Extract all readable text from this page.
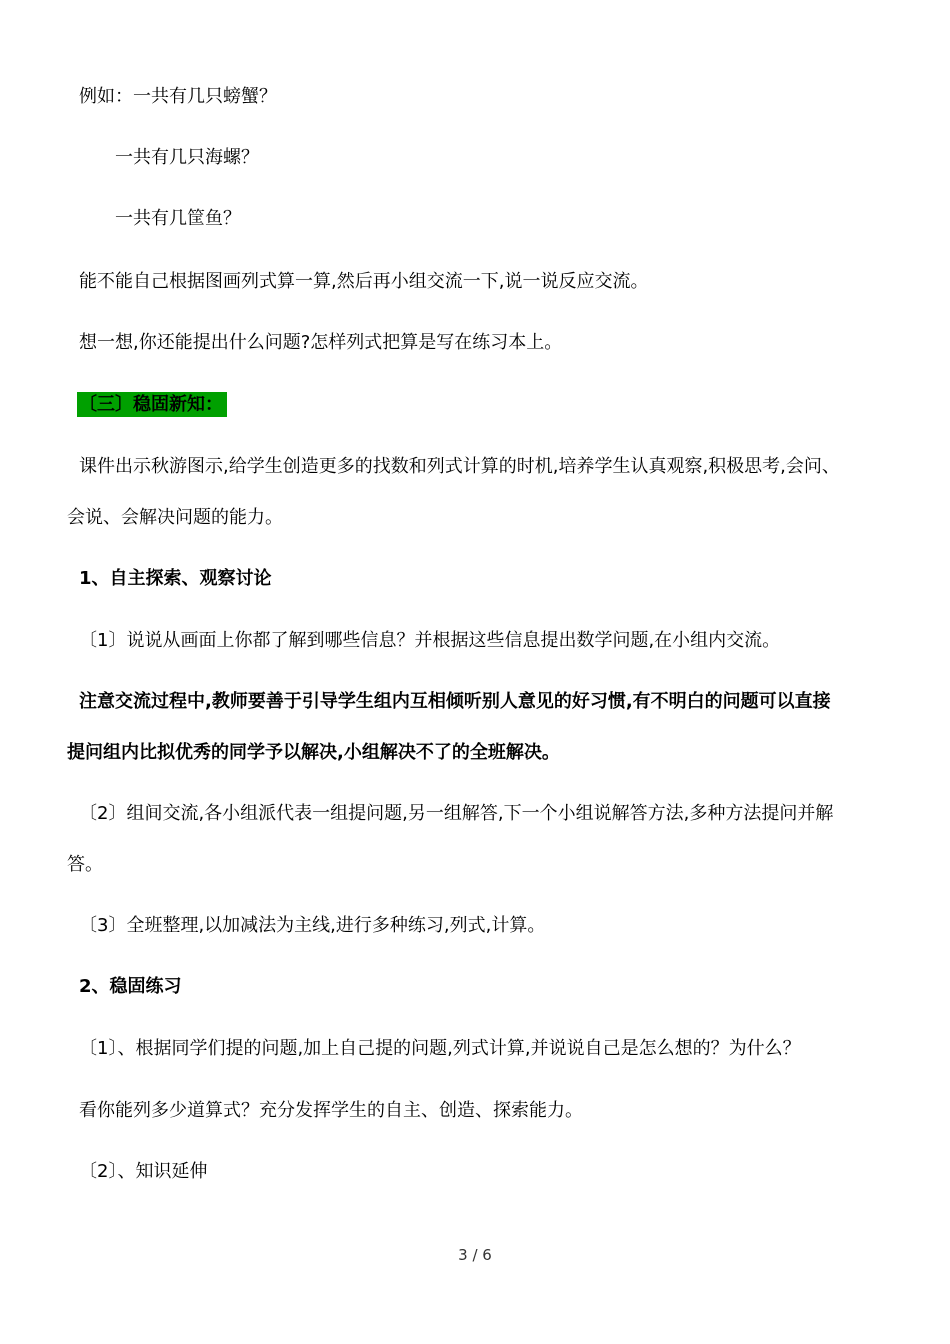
例如：一共有几只螃蟹？
一共有几只海螺？
一共有几筐鱼？
能不能自己根据图画列式算一算,然后再小组交流一下,说一说反应交流。
想一想,你还能提出什么问题?怎样列式把算是写在练习本上。
〔三〕稳固新知：
课件出示秋游图示,给学生创造更多的找数和列式计算的时机,培养学生认真观察,积极思考,会问、
会说、会解决问题的能力。
1、自主探索、观察讨论
〔1〕说说从画面上你都了解到哪些信息？并根据这些信息提出数学问题,在小组内交流。
注意交流过程中,教师要善于引导学生组内互相倾听别人意见的好习惯,有不明白的问题可以直接
提问组内比拟优秀的同学予以解决,小组解决不了的全班解决。
〔2〕组间交流,各小组派代表一组提问题,另一组解答,下一个小组说解答方法,多种方法提问并解
答。
〔3〕全班整理,以加减法为主线,进行多种练习,列式,计算。
2、稳固练习
〔1〕、根据同学们提的问题,加上自己提的问题,列式计算,并说说自己是怎么想的？为什么？
看你能列多少道算式？充分发挥学生的自主、创造、探索能力。
〔2〕、知识延伸
3 / 6
